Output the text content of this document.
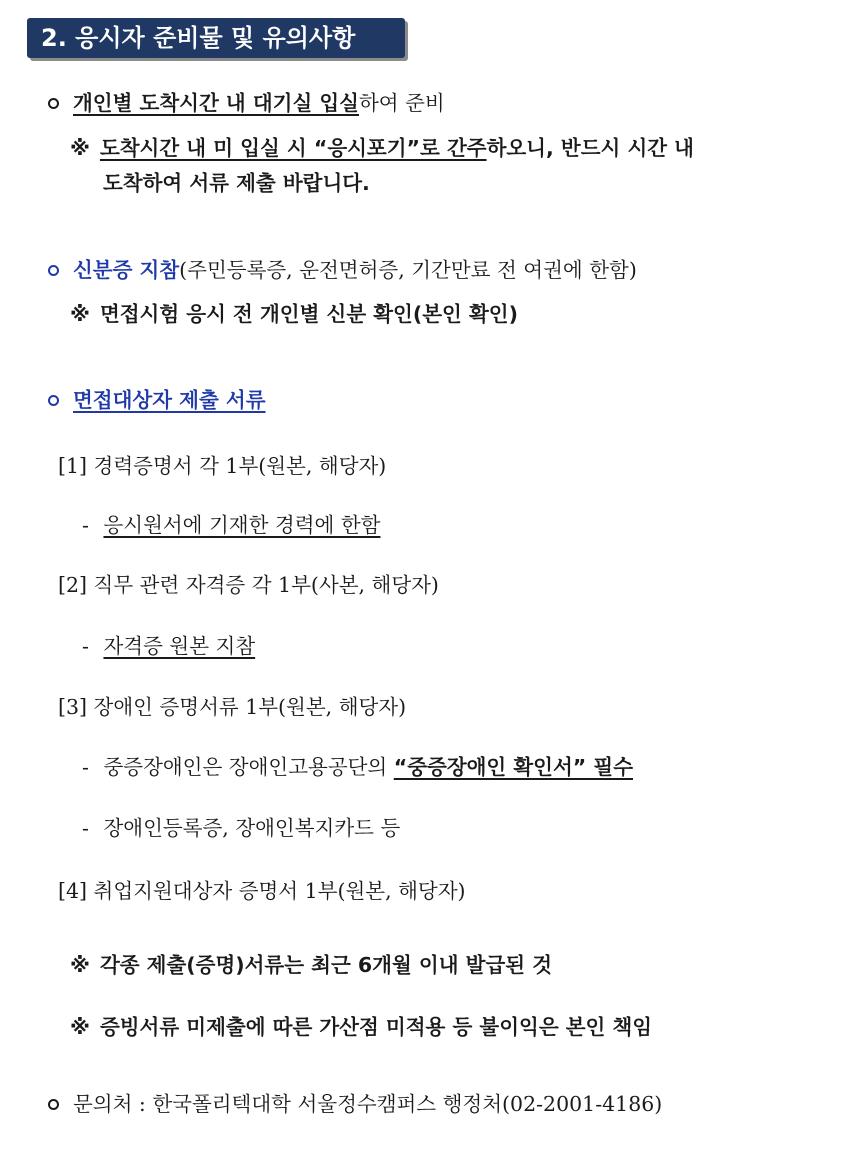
2. 응시자 준비물 및 유의사항
개인별 도착시간 내 대기실 입실하여 준비
※ 도착시간 내 미 입실 시 “응시포기”로 간주하오니, 반드시 시간 내
도착하여 서류 제출 바랍니다.
신분증 지참(주민등록증, 운전면허증, 기간만료 전 여권에 한함)
※ 면접시험 응시 전 개인별 신분 확인(본인 확인)
면접대상자 제출 서류
[1] 경력증명서 각 1부(원본, 해당자)
- 응시원서에 기재한 경력에 한함
[2] 직무 관련 자격증 각 1부(사본, 해당자)
- 자격증 원본 지참
[3] 장애인 증명서류 1부(원본, 해당자)
- 중증장애인은 장애인고용공단의 “중증장애인 확인서” 필수
- 장애인등록증, 장애인복지카드 등
[4] 취업지원대상자 증명서 1부(원본, 해당자)
※ 각종 제출(증명)서류는 최근 6개월 이내 발급된 것
※ 증빙서류 미제출에 따른 가산점 미적용 등 불이익은 본인 책임
문의처 : 한국폴리텍대학 서울정수캠퍼스 행정처(02-2001-4186)
